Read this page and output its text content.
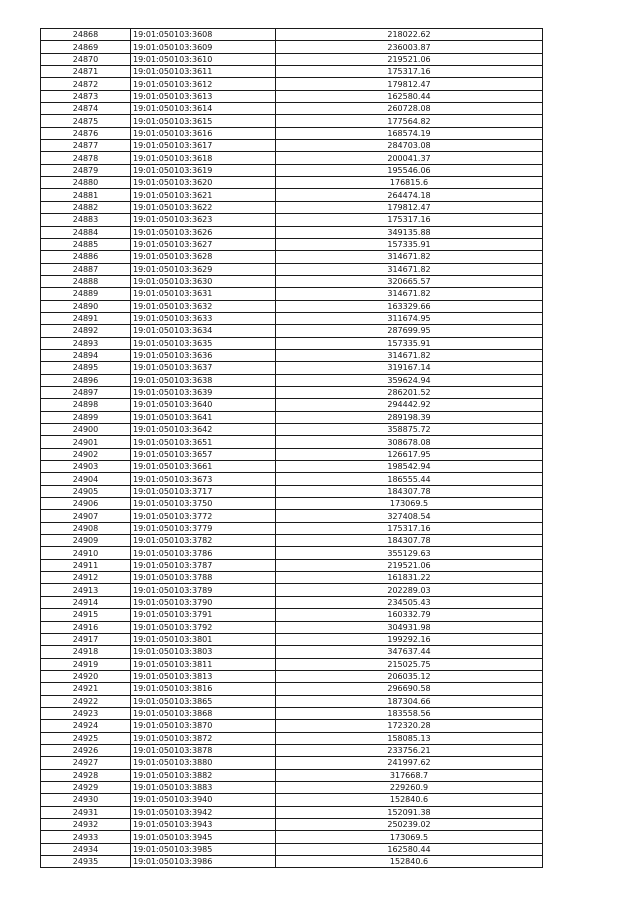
24868	19:01:050103:3608	218022.62
24869	19:01:050103:3609	236003.87
24870	19:01:050103:3610	219521.06
24871	19:01:050103:3611	175317.16
24872	19:01:050103:3612	179812.47
24873	19:01:050103:3613	162580.44
24874	19:01:050103:3614	260728.08
24875	19:01:050103:3615	177564.82
24876	19:01:050103:3616	168574.19
24877	19:01:050103:3617	284703.08
24878	19:01:050103:3618	200041.37
24879	19:01:050103:3619	195546.06
24880	19:01:050103:3620	176815.6
24881	19:01:050103:3621	264474.18
24882	19:01:050103:3622	179812.47
24883	19:01:050103:3623	175317.16
24884	19:01:050103:3626	349135.88
24885	19:01:050103:3627	157335.91
24886	19:01:050103:3628	314671.82
24887	19:01:050103:3629	314671.82
24888	19:01:050103:3630	320665.57
24889	19:01:050103:3631	314671.82
24890	19:01:050103:3632	163329.66
24891	19:01:050103:3633	311674.95
24892	19:01:050103:3634	287699.95
24893	19:01:050103:3635	157335.91
24894	19:01:050103:3636	314671.82
24895	19:01:050103:3637	319167.14
24896	19:01:050103:3638	359624.94
24897	19:01:050103:3639	286201.52
24898	19:01:050103:3640	294442.92
24899	19:01:050103:3641	289198.39
24900	19:01:050103:3642	358875.72
24901	19:01:050103:3651	308678.08
24902	19:01:050103:3657	126617.95
24903	19:01:050103:3661	198542.94
24904	19:01:050103:3673	186555.44
24905	19:01:050103:3717	184307.78
24906	19:01:050103:3750	173069.5
24907	19:01:050103:3772	327408.54
24908	19:01:050103:3779	175317.16
24909	19:01:050103:3782	184307.78
24910	19:01:050103:3786	355129.63
24911	19:01:050103:3787	219521.06
24912	19:01:050103:3788	161831.22
24913	19:01:050103:3789	202289.03
24914	19:01:050103:3790	234505.43
24915	19:01:050103:3791	160332.79
24916	19:01:050103:3792	304931.98
24917	19:01:050103:3801	199292.16
24918	19:01:050103:3803	347637.44
24919	19:01:050103:3811	215025.75
24920	19:01:050103:3813	206035.12
24921	19:01:050103:3816	296690.58
24922	19:01:050103:3865	187304.66
24923	19:01:050103:3868	183558.56
24924	19:01:050103:3870	172320.28
24925	19:01:050103:3872	158085.13
24926	19:01:050103:3878	233756.21
24927	19:01:050103:3880	241997.62
24928	19:01:050103:3882	317668.7
24929	19:01:050103:3883	229260.9
24930	19:01:050103:3940	152840.6
24931	19:01:050103:3942	152091.38
24932	19:01:050103:3943	250239.02
24933	19:01:050103:3945	173069.5
24934	19:01:050103:3985	162580.44
24935	19:01:050103:3986	152840.6
